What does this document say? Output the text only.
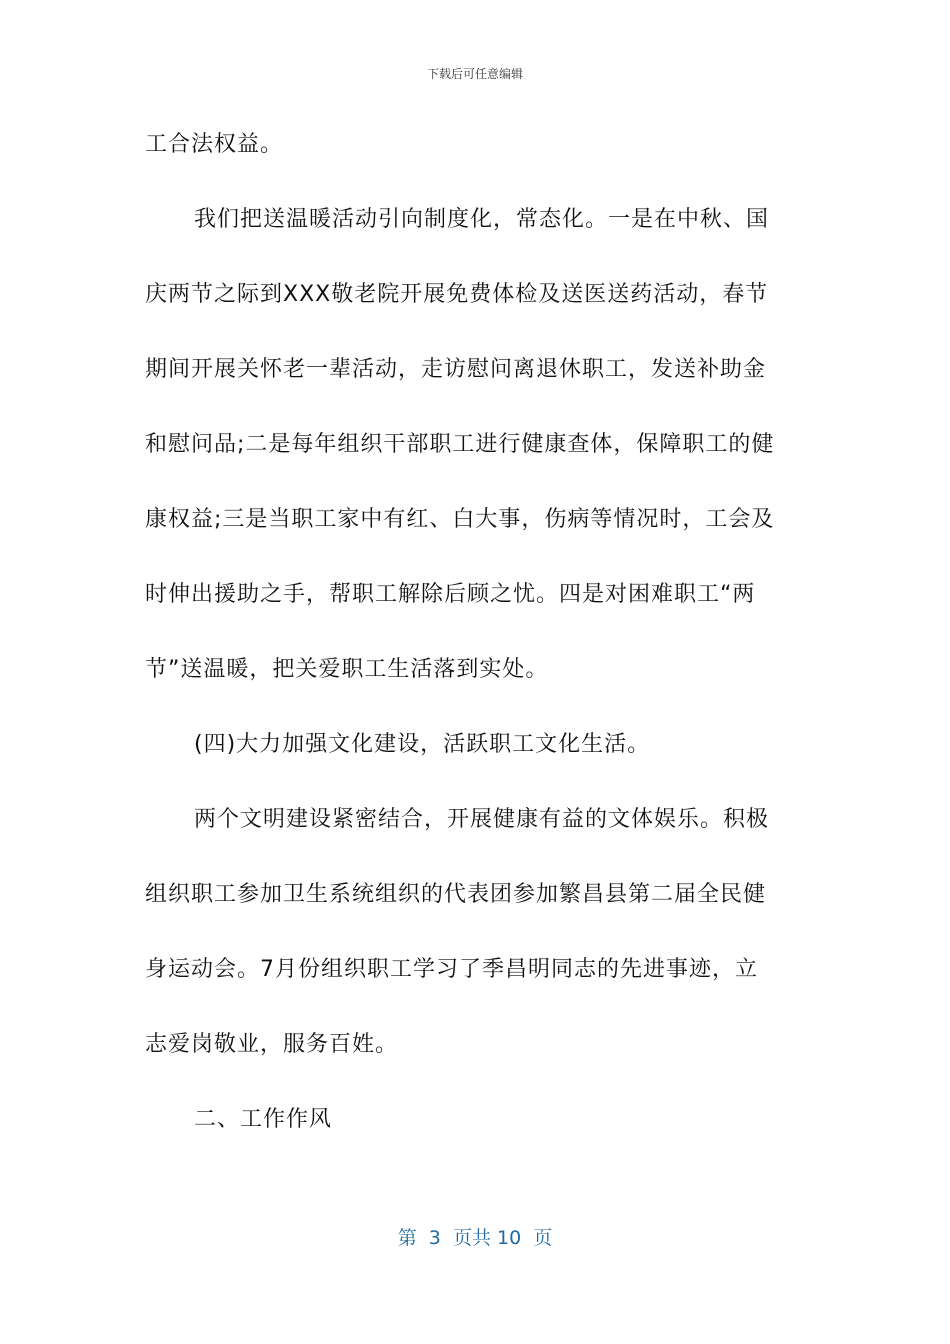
下载后可任意编辑
工合法权益。
我们把送温暖活动引向制度化，常态化。一是在中秋、国
庆两节之际到XXX敬老院开展免费体检及送医送药活动，春节
期间开展关怀老一辈活动，走访慰问离退休职工，发送补助金
和慰问品;二是每年组织干部职工进行健康查体，保障职工的健
康权益;三是当职工家中有红、白大事，伤病等情况时，工会及
时伸出援助之手，帮职工解除后顾之忧。四是对困难职工“两
节”送温暖，把关爱职工生活落到实处。
(四)大力加强文化建设，活跃职工文化生活。
两个文明建设紧密结合，开展健康有益的文体娱乐。积极
组织职工参加卫生系统组织的代表团参加繁昌县第二届全民健
身运动会。7月份组织职工学习了季昌明同志的先进事迹，立
志爱岗敬业，服务百姓。
二、工作作风
第  3  页共 10  页
